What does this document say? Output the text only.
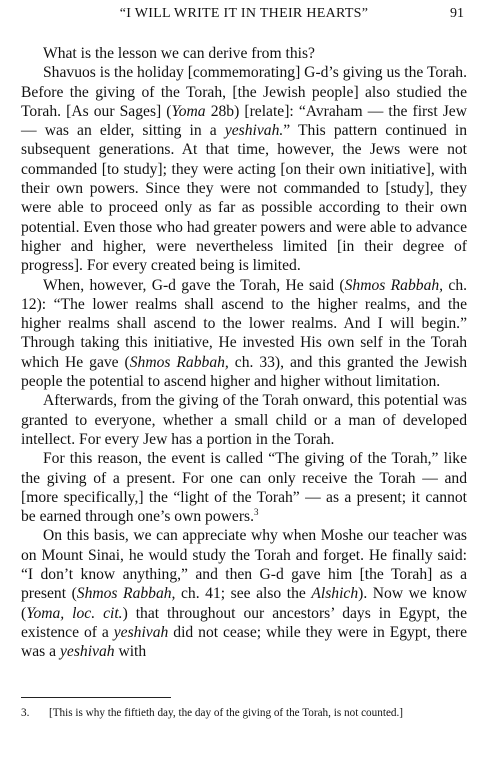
“I WILL WRITE IT IN THEIR HEARTS”	91

What is the lesson we can derive from this?

Shavuos is the holiday [commemorating] G-d’s giving us the Torah. Before the giving of the Torah, [the Jewish people] also studied the Torah. [As our Sages] (Yoma 28b) [relate]: “Avraham — the first Jew — was an elder, sitting in a yeshivah.” This pattern continued in subsequent generations. At that time, however, the Jews were not commanded [to study]; they were acting [on their own initiative], with their own powers. Since they were not commanded to [study], they were able to proceed only as far as possible according to their own potential. Even those who had greater powers and were able to advance higher and higher, were nevertheless limited [in their degree of progress]. For every created being is limited.

When, however, G-d gave the Torah, He said (Shmos Rabbah, ch. 12): “The lower realms shall ascend to the higher realms, and the higher realms shall ascend to the lower realms. And I will begin.” Through taking this initiative, He invested His own self in the Torah which He gave (Shmos Rabbah, ch. 33), and this granted the Jewish people the potential to ascend higher and higher without limitation.

Afterwards, from the giving of the Torah onward, this potential was granted to everyone, whether a small child or a man of developed intellect. For every Jew has a portion in the Torah.

For this reason, the event is called “The giving of the Torah,” like the giving of a present. For one can only receive the Torah — and [more specifically,] the “light of the Torah” — as a present; it cannot be earned through one’s own powers.$^3$

On this basis, we can appreciate why when Moshe our teacher was on Mount Sinai, he would study the Torah and forget. He finally said: “I don’t know anything,” and then G-d gave him [the Torah] as a present (Shmos Rabbah, ch. 41; see also the Alshich). Now we know (Yoma, loc. cit.) that throughout our ancestors’ days in Egypt, the existence of a yeshivah did not cease; while they were in Egypt, there was a yeshivah with

3. [This is why the fiftieth day, the day of the giving of the Torah, is not counted.]
